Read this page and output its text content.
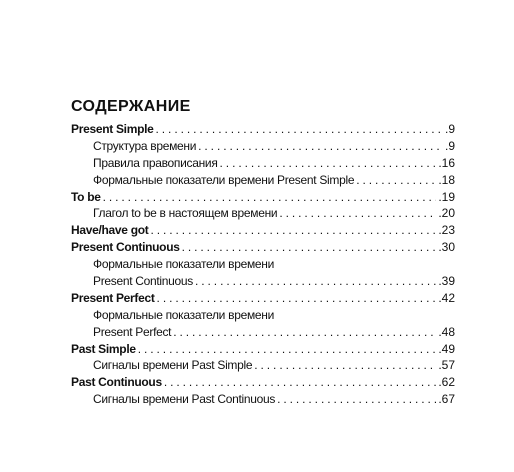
СОДЕРЖАНИЕ
Present Simple . . .	.9
Структура времени . . .	.9
Правила правописания . . .	.16
Формальные показатели времени Present Simple . . .	.18
To be . . .	.19
Глагол to be в настоящем времени . . .	.20
Have/have got . . .	.23
Present Continuous . . .	.30
Формальные показатели времени
Present Continuous . . .	.39
Present Perfect . . .	.42
Формальные показатели времени
Present Perfect . . .	.48
Past Simple . . .	.49
Сигналы времени Past Simple . . .	.57
Past Continuous . . .	.62
Сигналы времени Past Continuous . . .	.67
